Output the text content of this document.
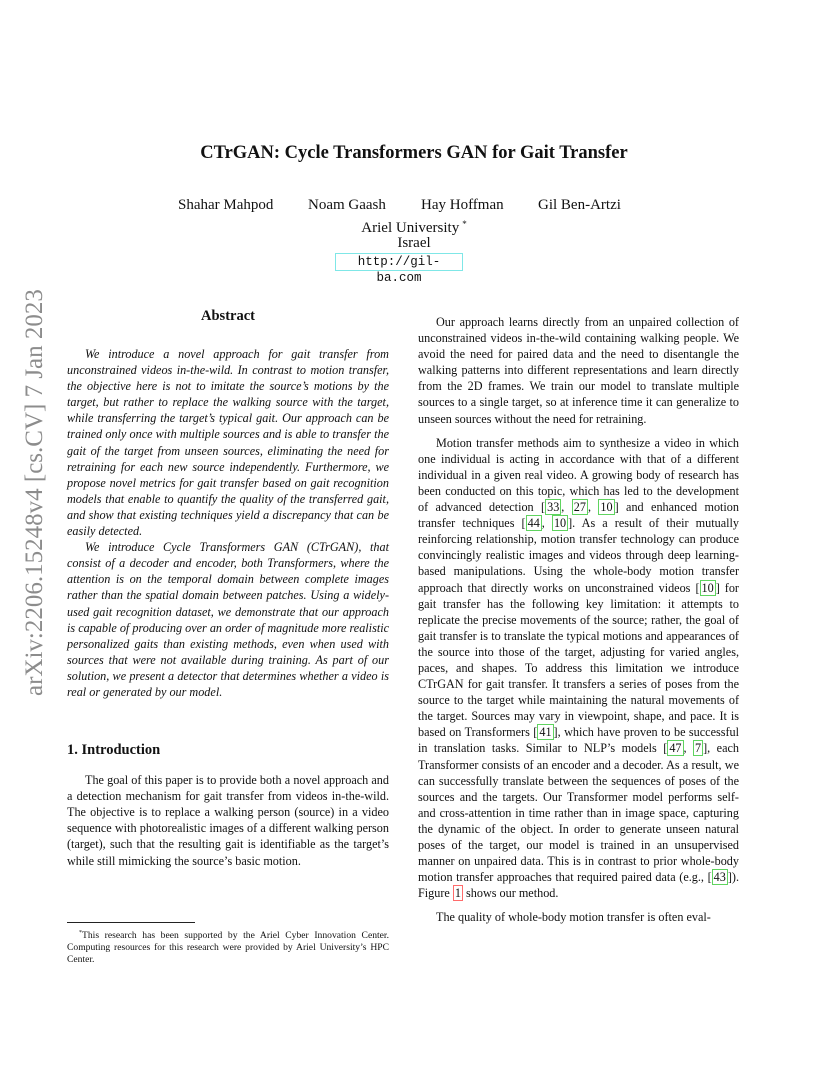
arXiv:2206.15248v4 [cs.CV] 7 Jan 2023
CTrGAN: Cycle Transformers GAN for Gait Transfer
Shahar Mahpod Noam Gaash Hay Hoffman Gil Ben-Artzi
Ariel University *
Israel
http://gil-ba.com
Abstract

We introduce a novel approach for gait transfer from unconstrained videos in-the-wild. In contrast to motion transfer, the objective here is not to imitate the source’s motions by the target, but rather to replace the walking source with the target, while transferring the target’s typical gait. Our approach can be trained only once with multiple sources and is able to transfer the gait of the target from unseen sources, eliminating the need for retraining for each new source independently. Furthermore, we propose novel metrics for gait transfer based on gait recognition models that enable to quantify the quality of the transferred gait, and show that existing techniques yield a discrepancy that can be easily detected.

We introduce Cycle Transformers GAN (CTrGAN), that consist of a decoder and encoder, both Transformers, where the attention is on the temporal domain between complete images rather than the spatial domain between patches. Using a widely-used gait recognition dataset, we demonstrate that our approach is capable of producing over an order of magnitude more realistic personalized gaits than existing methods, even when used with sources that were not available during training. As part of our solution, we present a detector that determines whether a video is real or generated by our model.

1. Introduction

The goal of this paper is to provide both a novel approach and a detection mechanism for gait transfer from videos in-the-wild. The objective is to replace a walking person (source) in a video sequence with photorealistic images of a different walking person (target), such that the resulting gait is identifiable as the target’s while still mimicking the source’s basic motion.

*This research has been supported by the Ariel Cyber Innovation Center. Computing resources for this research were provided by Ariel University’s HPC Center.

Our approach learns directly from an unpaired collection of unconstrained videos in-the-wild containing walking people. We avoid the need for paired data and the need to disentangle the walking patterns into different representations and learn directly from the 2D frames. We train our model to translate multiple sources to a single target, so at inference time it can generalize to unseen sources without the need for retraining.

Motion transfer methods aim to synthesize a video in which one individual is acting in accordance with that of a different individual in a given real video. A growing body of research has been conducted on this topic, which has led to the development of advanced detection [ 33 , 27 , 10 ] and enhanced motion transfer techniques [ 44 , 10 ]. As a result of their mutually reinforcing relationship, motion transfer technology can produce convincingly realistic images and videos through deep learning-based manipulations. Using the whole-body motion transfer approach that directly works on unconstrained videos [ 10 ] for gait transfer has the following key limitation: it attempts to replicate the precise movements of the source; rather, the goal of gait transfer is to translate the typical motions and appearances of the source into those of the target, adjusting for varied angles, paces, and shapes. To address this limitation we introduce CTrGAN for gait transfer. It transfers a series of poses from the source to the target while maintaining the natural movements of the target. Sources may vary in viewpoint, shape, and pace. It is based on Transformers [ 41 ], which have proven to be successful in translation tasks. Similar to NLP’s models [ 47 , 7 ], each Transformer consists of an encoder and a decoder. As a result, we can successfully translate between the sequences of poses of the sources and the targets. Our Transformer model performs self- and cross-attention in time rather than in image space, capturing the dynamic of the object. In order to generate unseen natural poses of the target, our model is trained in an unsupervised manner on unpaired data. This is in contrast to prior whole-body motion transfer approaches that required paired data (e.g., [ 43 ]). Figure 1 shows our method.

The quality of whole-body motion transfer is often eval-
